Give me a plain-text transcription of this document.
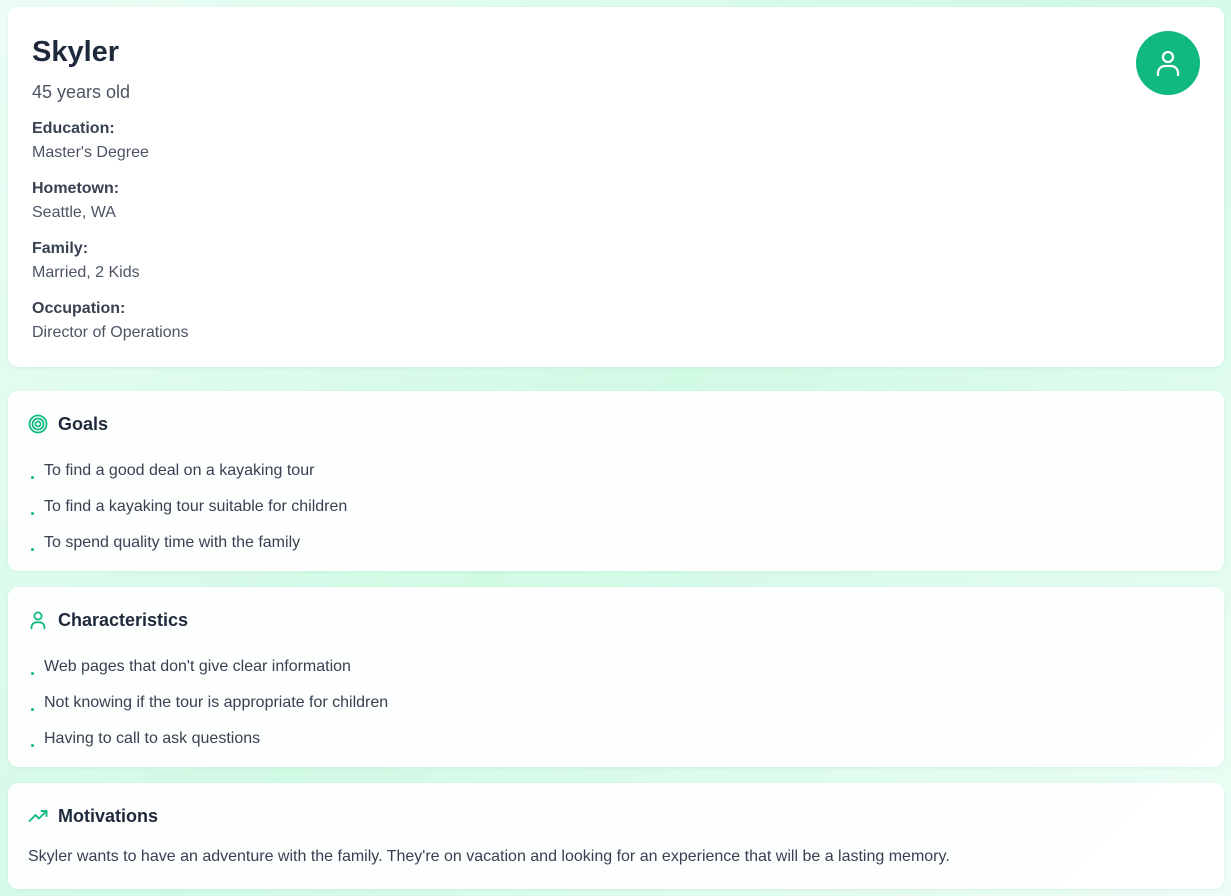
Skyler
45 years old
Education:
Master's Degree
Hometown:
Seattle, WA
Family:
Married, 2 Kids
Occupation:
Director of Operations
Goals
To find a good deal on a kayaking tour
To find a kayaking tour suitable for children
To spend quality time with the family
Characteristics
Web pages that don't give clear information
Not knowing if the tour is appropriate for children
Having to call to ask questions
Motivations
Skyler wants to have an adventure with the family. They're on vacation and looking for an experience that will be a lasting memory.
